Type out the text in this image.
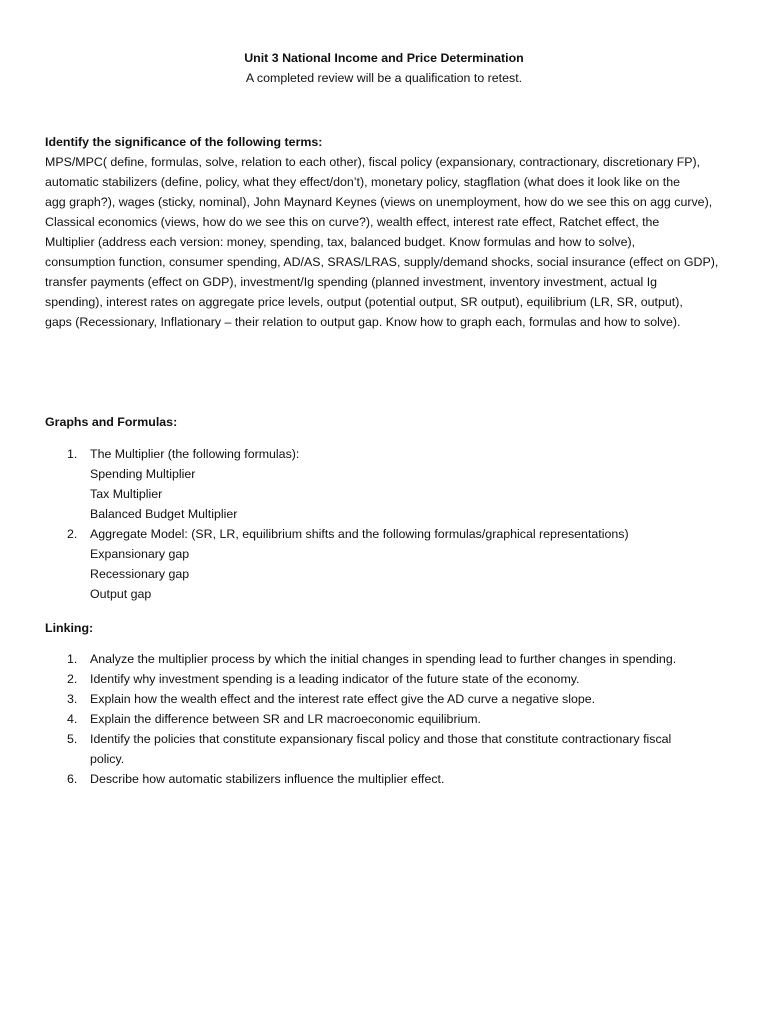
Unit 3 National Income and Price Determination
A completed review will be a qualification to retest.
Identify the significance of the following terms:
MPS/MPC( define, formulas, solve, relation to each other), fiscal policy (expansionary, contractionary, discretionary FP),
automatic stabilizers (define, policy, what they effect/don’t), monetary policy, stagflation (what does it look like on the
agg graph?), wages (sticky, nominal), John Maynard Keynes (views on unemployment, how do we see this on agg curve),
Classical economics (views, how do we see this on curve?), wealth effect, interest rate effect, Ratchet effect, the
Multiplier (address each version: money, spending, tax, balanced budget. Know formulas and how to solve),
consumption function, consumer spending, AD/AS, SRAS/LRAS, supply/demand shocks, social insurance (effect on GDP),
transfer payments (effect on GDP), investment/Ig spending (planned investment, inventory investment, actual Ig
spending), interest rates on aggregate price levels, output (potential output, SR output), equilibrium (LR, SR, output),
gaps (Recessionary, Inflationary – their relation to output gap. Know how to graph each, formulas and how to solve).
Graphs and Formulas:
1. The Multiplier (the following formulas):
Spending Multiplier
Tax Multiplier
Balanced Budget Multiplier
2. Aggregate Model: (SR, LR, equilibrium shifts and the following formulas/graphical representations)
Expansionary gap
Recessionary gap
Output gap
Linking:
1. Analyze the multiplier process by which the initial changes in spending lead to further changes in spending.
2. Identify why investment spending is a leading indicator of the future state of the economy.
3. Explain how the wealth effect and the interest rate effect give the AD curve a negative slope.
4. Explain the difference between SR and LR macroeconomic equilibrium.
5. Identify the policies that constitute expansionary fiscal policy and those that constitute contractionary fiscal
policy.
6. Describe how automatic stabilizers influence the multiplier effect.
